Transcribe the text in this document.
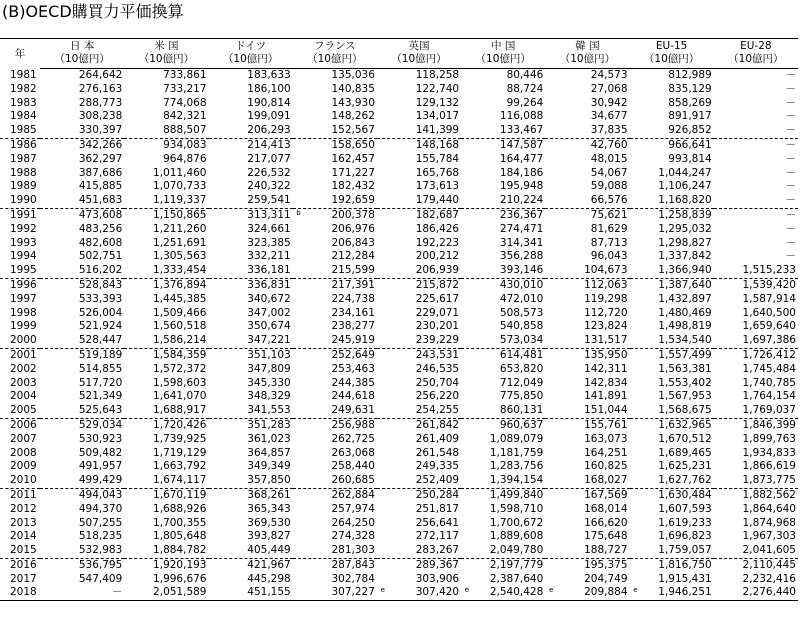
(B)OECD購買力平価換算
年	日 本	米 国	ドイツ	フランス	英国	中 国	韓 国	EU-15	EU-28
	（10億円）	（10億円）	（10億円）	（10億円）	（10億円）	（10億円）	（10億円）	（10億円）	（10億円）
1981	264,642	733,861	183,633	135,036	118,258	80,446	24,573	812,989	－
1982	276,163	733,217	186,100	140,835	122,740	88,724	27,068	835,129	－
1983	288,773	774,068	190,814	143,930	129,132	99,264	30,942	858,269	－
1984	308,238	842,321	199,091	148,262	134,017	116,088	34,677	891,917	－
1985	330,397	888,507	206,293	152,567	141,399	133,467	37,835	926,852	－
1986	342,266	934,083	214,413	158,650	148,168	147,587	42,760	966,641	－
1987	362,297	964,876	217,077	162,457	155,784	164,477	48,015	993,814	－
1988	387,686	1,011,460	226,532	171,227	165,768	184,186	54,067	1,044,247	－
1989	415,885	1,070,733	240,322	182,432	173,613	195,948	59,088	1,106,247	－
1990	451,683	1,119,337	259,541	192,659	179,440	210,224	66,576	1,168,820	－
1991	473,608	1,150,865	313,311 b	200,378	182,687	236,367	75,621	1,258,839	－
1992	483,256	1,211,260	324,661	206,976	186,426	274,471	81,629	1,295,032	－
1993	482,608	1,251,691	323,385	206,843	192,223	314,341	87,713	1,298,827	－
1994	502,751	1,305,563	332,211	212,284	200,212	356,288	96,043	1,337,842	－
1995	516,202	1,333,454	336,181	215,599	206,939	393,146	104,673	1,366,940	1,515,233
1996	528,843	1,376,894	336,831	217,391	215,872	430,010	112,063	1,387,640	1,539,420
1997	533,393	1,445,385	340,672	224,738	225,617	472,010	119,298	1,432,897	1,587,914
1998	526,004	1,509,466	347,002	234,161	229,071	508,573	112,720	1,480,469	1,640,500
1999	521,924	1,560,518	350,674	238,277	230,201	540,858	123,824	1,498,819	1,659,640
2000	528,447	1,586,214	347,221	245,919	239,229	573,034	131,517	1,534,540	1,697,386
2001	519,189	1,584,359	351,103	252,649	243,531	614,481	135,950	1,557,499	1,726,412
2002	514,855	1,572,372	347,809	253,463	246,535	653,820	142,311	1,563,381	1,745,484
2003	517,720	1,598,603	345,330	244,385	250,704	712,049	142,834	1,553,402	1,740,785
2004	521,349	1,641,070	348,329	244,618	256,220	775,850	141,891	1,567,953	1,764,154
2005	525,643	1,688,917	341,553	249,631	254,255	860,131	151,044	1,568,675	1,769,037
2006	529,034	1,720,426	351,283	256,988	261,842	960,637	155,761	1,632,965	1,846,399
2007	530,923	1,739,925	361,023	262,725	261,409	1,089,079	163,073	1,670,512	1,899,763
2008	509,482	1,719,129	364,857	263,068	261,548	1,181,759	164,251	1,689,465	1,934,833
2009	491,957	1,663,792	349,349	258,440	249,335	1,283,756	160,825	1,625,231	1,866,619
2010	499,429	1,674,117	357,850	260,685	252,409	1,394,154	168,027	1,627,762	1,873,775
2011	494,043	1,670,119	368,261	262,884	250,284	1,499,840	167,569	1,630,484	1,882,562
2012	494,370	1,688,926	365,343	257,974	251,817	1,598,710	168,014	1,607,593	1,864,640
2013	507,255	1,700,355	369,530	264,250	256,641	1,700,672	166,620	1,619,233	1,874,968
2014	518,235	1,805,648	393,827	274,328	272,117	1,889,608	175,648	1,696,823	1,967,303
2015	532,983	1,884,782	405,449	281,303	283,267	2,049,780	188,727	1,759,057	2,041,605
2016	536,795	1,920,193	421,967	287,843	289,367	2,197,779	195,375	1,816,750	2,110,445
2017	547,409	1,996,676	445,298	302,784	303,906	2,387,640	204,749	1,915,431	2,232,416
2018	－	2,051,589	451,155	307,227 e	307,420 e	2,540,428 e	209,884 e	1,946,251	2,276,440
